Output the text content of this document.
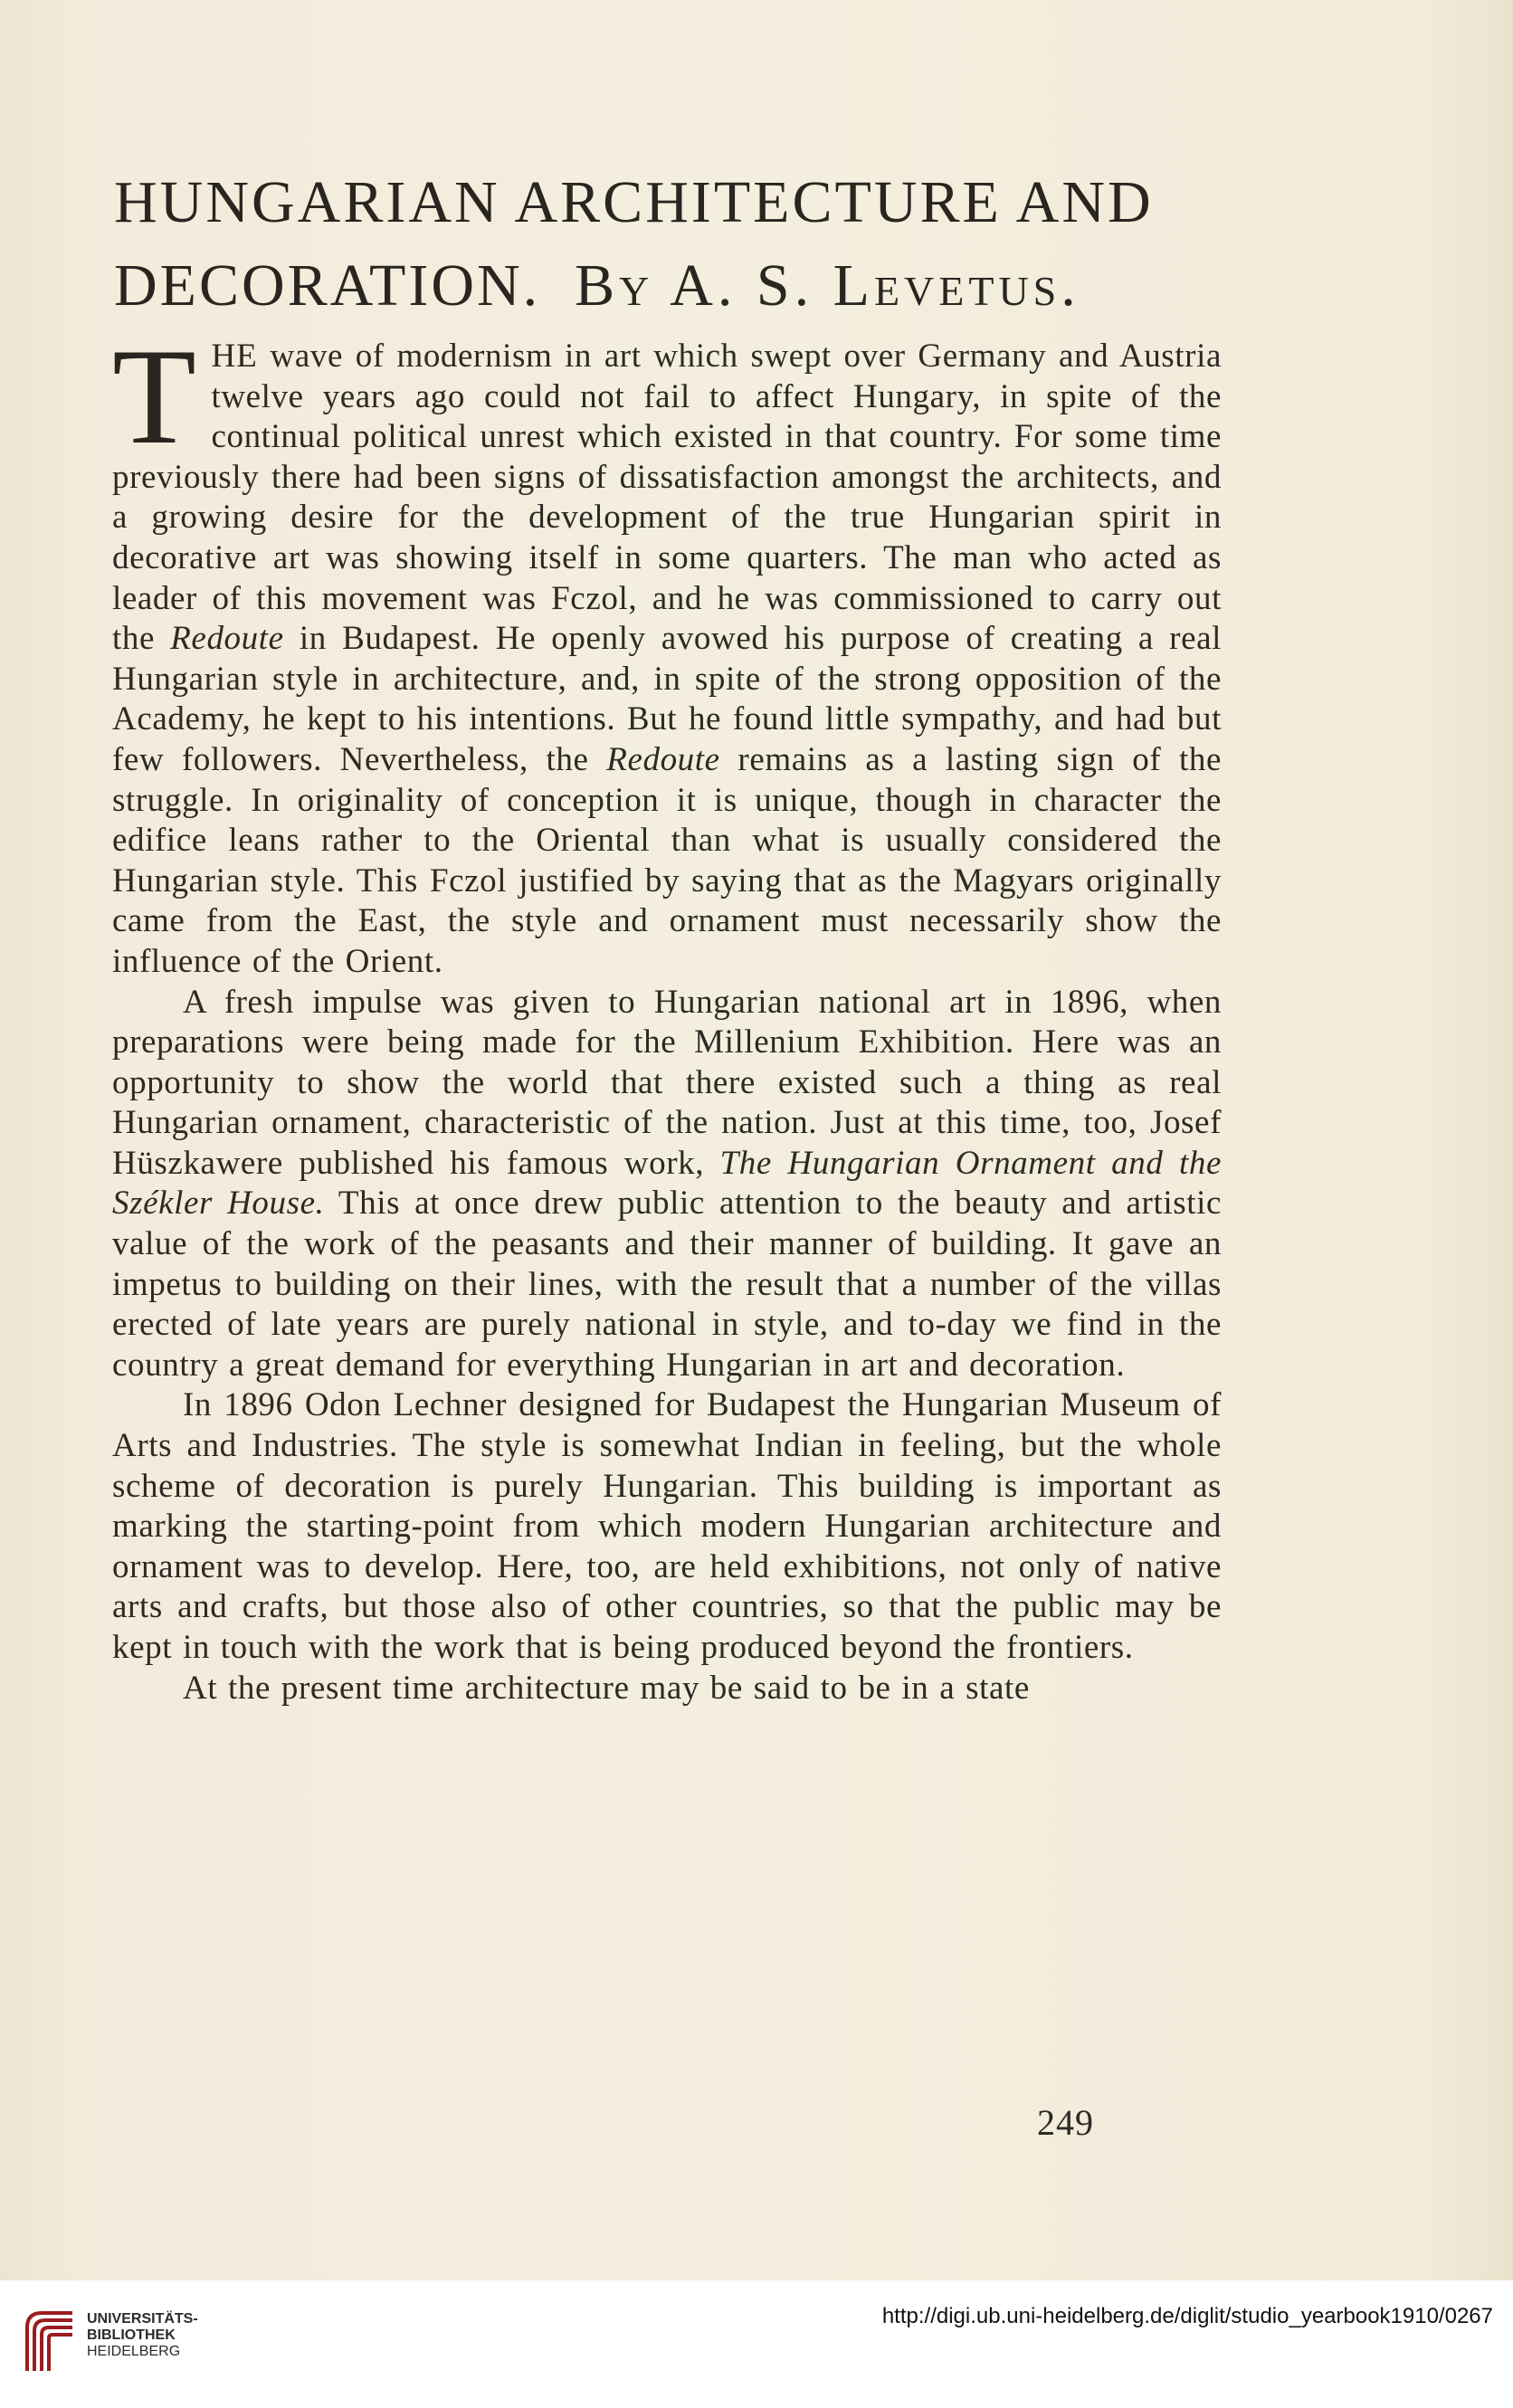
HUNGARIAN ARCHITECTURE AND
DECORATION. By A. S. Levetus.

THE wave of modernism in art which swept over Germany and Austria twelve years ago could not fail to affect Hungary, in spite of the continual political unrest which existed in that country. For some time previously there had been signs of dissatisfaction amongst the architects, and a growing desire for the development of the true Hungarian spirit in decorative art was showing itself in some quarters. The man who acted as leader of this movement was Fczol, and he was commissioned to carry out the Redoute in Budapest. He openly avowed his purpose of creating a real Hungarian style in architecture, and, in spite of the strong opposition of the Academy, he kept to his intentions. But he found little sympathy, and had but few followers. Nevertheless, the Redoute remains as a lasting sign of the struggle. In originality of conception it is unique, though in character the edifice leans rather to the Oriental than what is usually considered the Hungarian style. This Fczol justified by saying that as the Magyars originally came from the East, the style and ornament must necessarily show the influence of the Orient.

A fresh impulse was given to Hungarian national art in 1896, when preparations were being made for the Millenium Exhibition. Here was an opportunity to show the world that there existed such a thing as real Hungarian ornament, characteristic of the nation. Just at this time, too, Josef Hüszkawere published his famous work, The Hungarian Ornament and the Székler House. This at once drew public attention to the beauty and artistic value of the work of the peasants and their manner of building. It gave an impetus to building on their lines, with the result that a number of the villas erected of late years are purely national in style, and to-day we find in the country a great demand for everything Hungarian in art and decoration.

In 1896 Odon Lechner designed for Budapest the Hungarian Museum of Arts and Industries. The style is somewhat Indian in feeling, but the whole scheme of decoration is purely Hungarian. This building is important as marking the starting-point from which modern Hungarian architecture and ornament was to develop. Here, too, are held exhibitions, not only of native arts and crafts, but those also of other countries, so that the public may be kept in touch with the work that is being produced beyond the frontiers.

At the present time architecture may be said to be in a state

249
UNIVERSITÄTS-
BIBLIOTHEK
HEIDELBERG
http://digi.ub.uni-heidelberg.de/diglit/studio_yearbook1910/0267
